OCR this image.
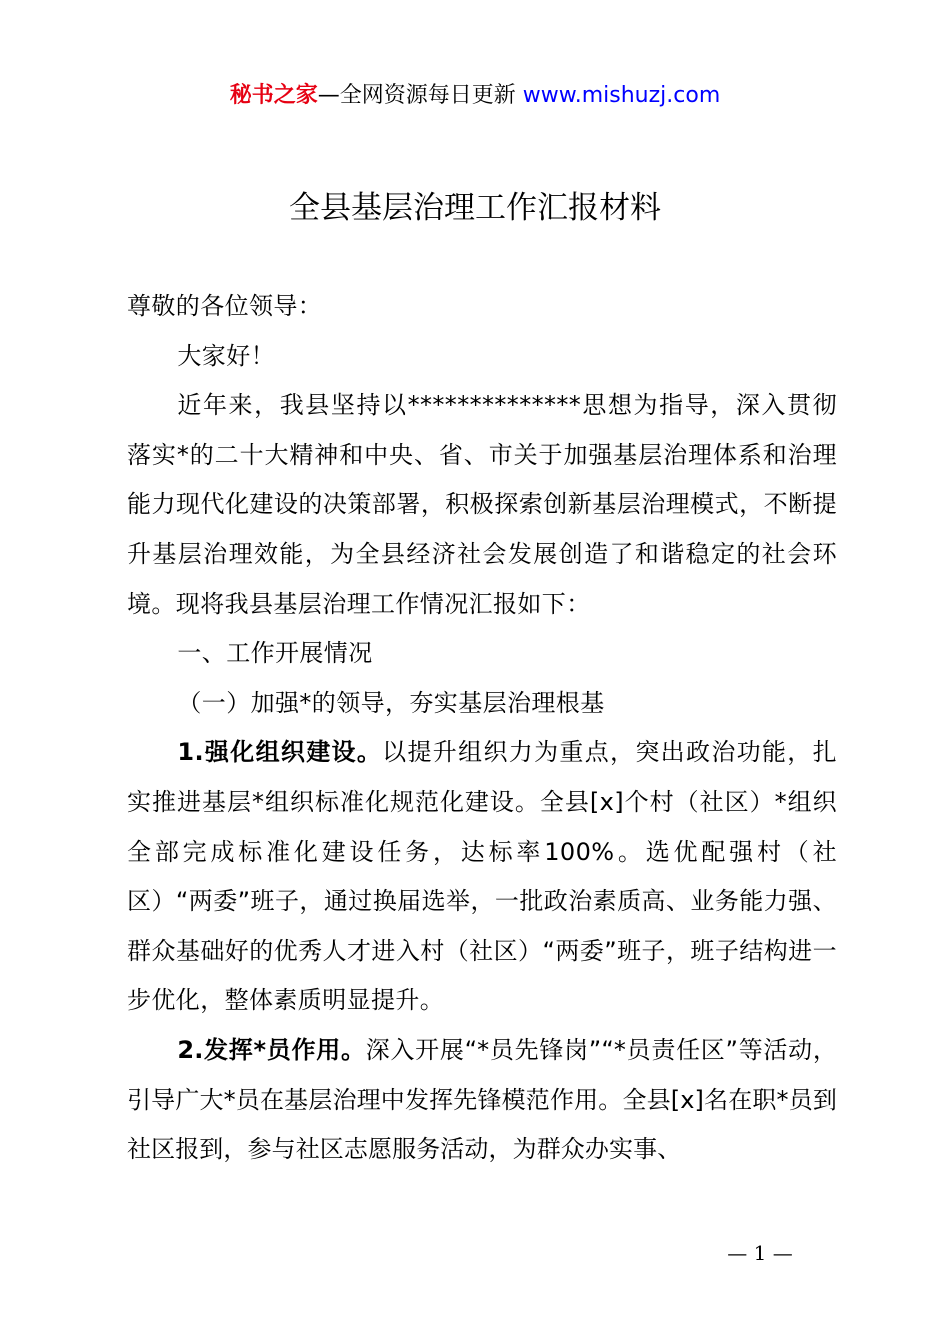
秘书之家—全网资源每日更新 www.mishuzj.com
全县基层治理工作汇报材料

尊敬的各位领导：

大家好！

近年来，我县坚持以**************思想为指导，深入贯彻落实*的二十大精神和中央、省、市关于加强基层治理体系和治理能力现代化建设的决策部署，积极探索创新基层治理模式，不断提升基层治理效能，为全县经济社会发展创造了和谐稳定的社会环境。现将我县基层治理工作情况汇报如下：

一、工作开展情况

（一）加强*的领导，夯实基层治理根基

1.强化组织建设。以提升组织力为重点，突出政治功能，扎实推进基层*组织标准化规范化建设。全县[x]个村（社区）*组织全部完成标准化建设任务，达标率100%。选优配强村（社区）“两委”班子，通过换届选举，一批政治素质高、业务能力强、群众基础好的优秀人才进入村（社区）“两委”班子，班子结构进一步优化，整体素质明显提升。

2.发挥*员作用。深入开展“*员先锋岗”“*员责任区”等活动，引导广大*员在基层治理中发挥先锋模范作用。全县[x]名在职*员到社区报到，参与社区志愿服务活动，为群众办实事、

— 1 —
